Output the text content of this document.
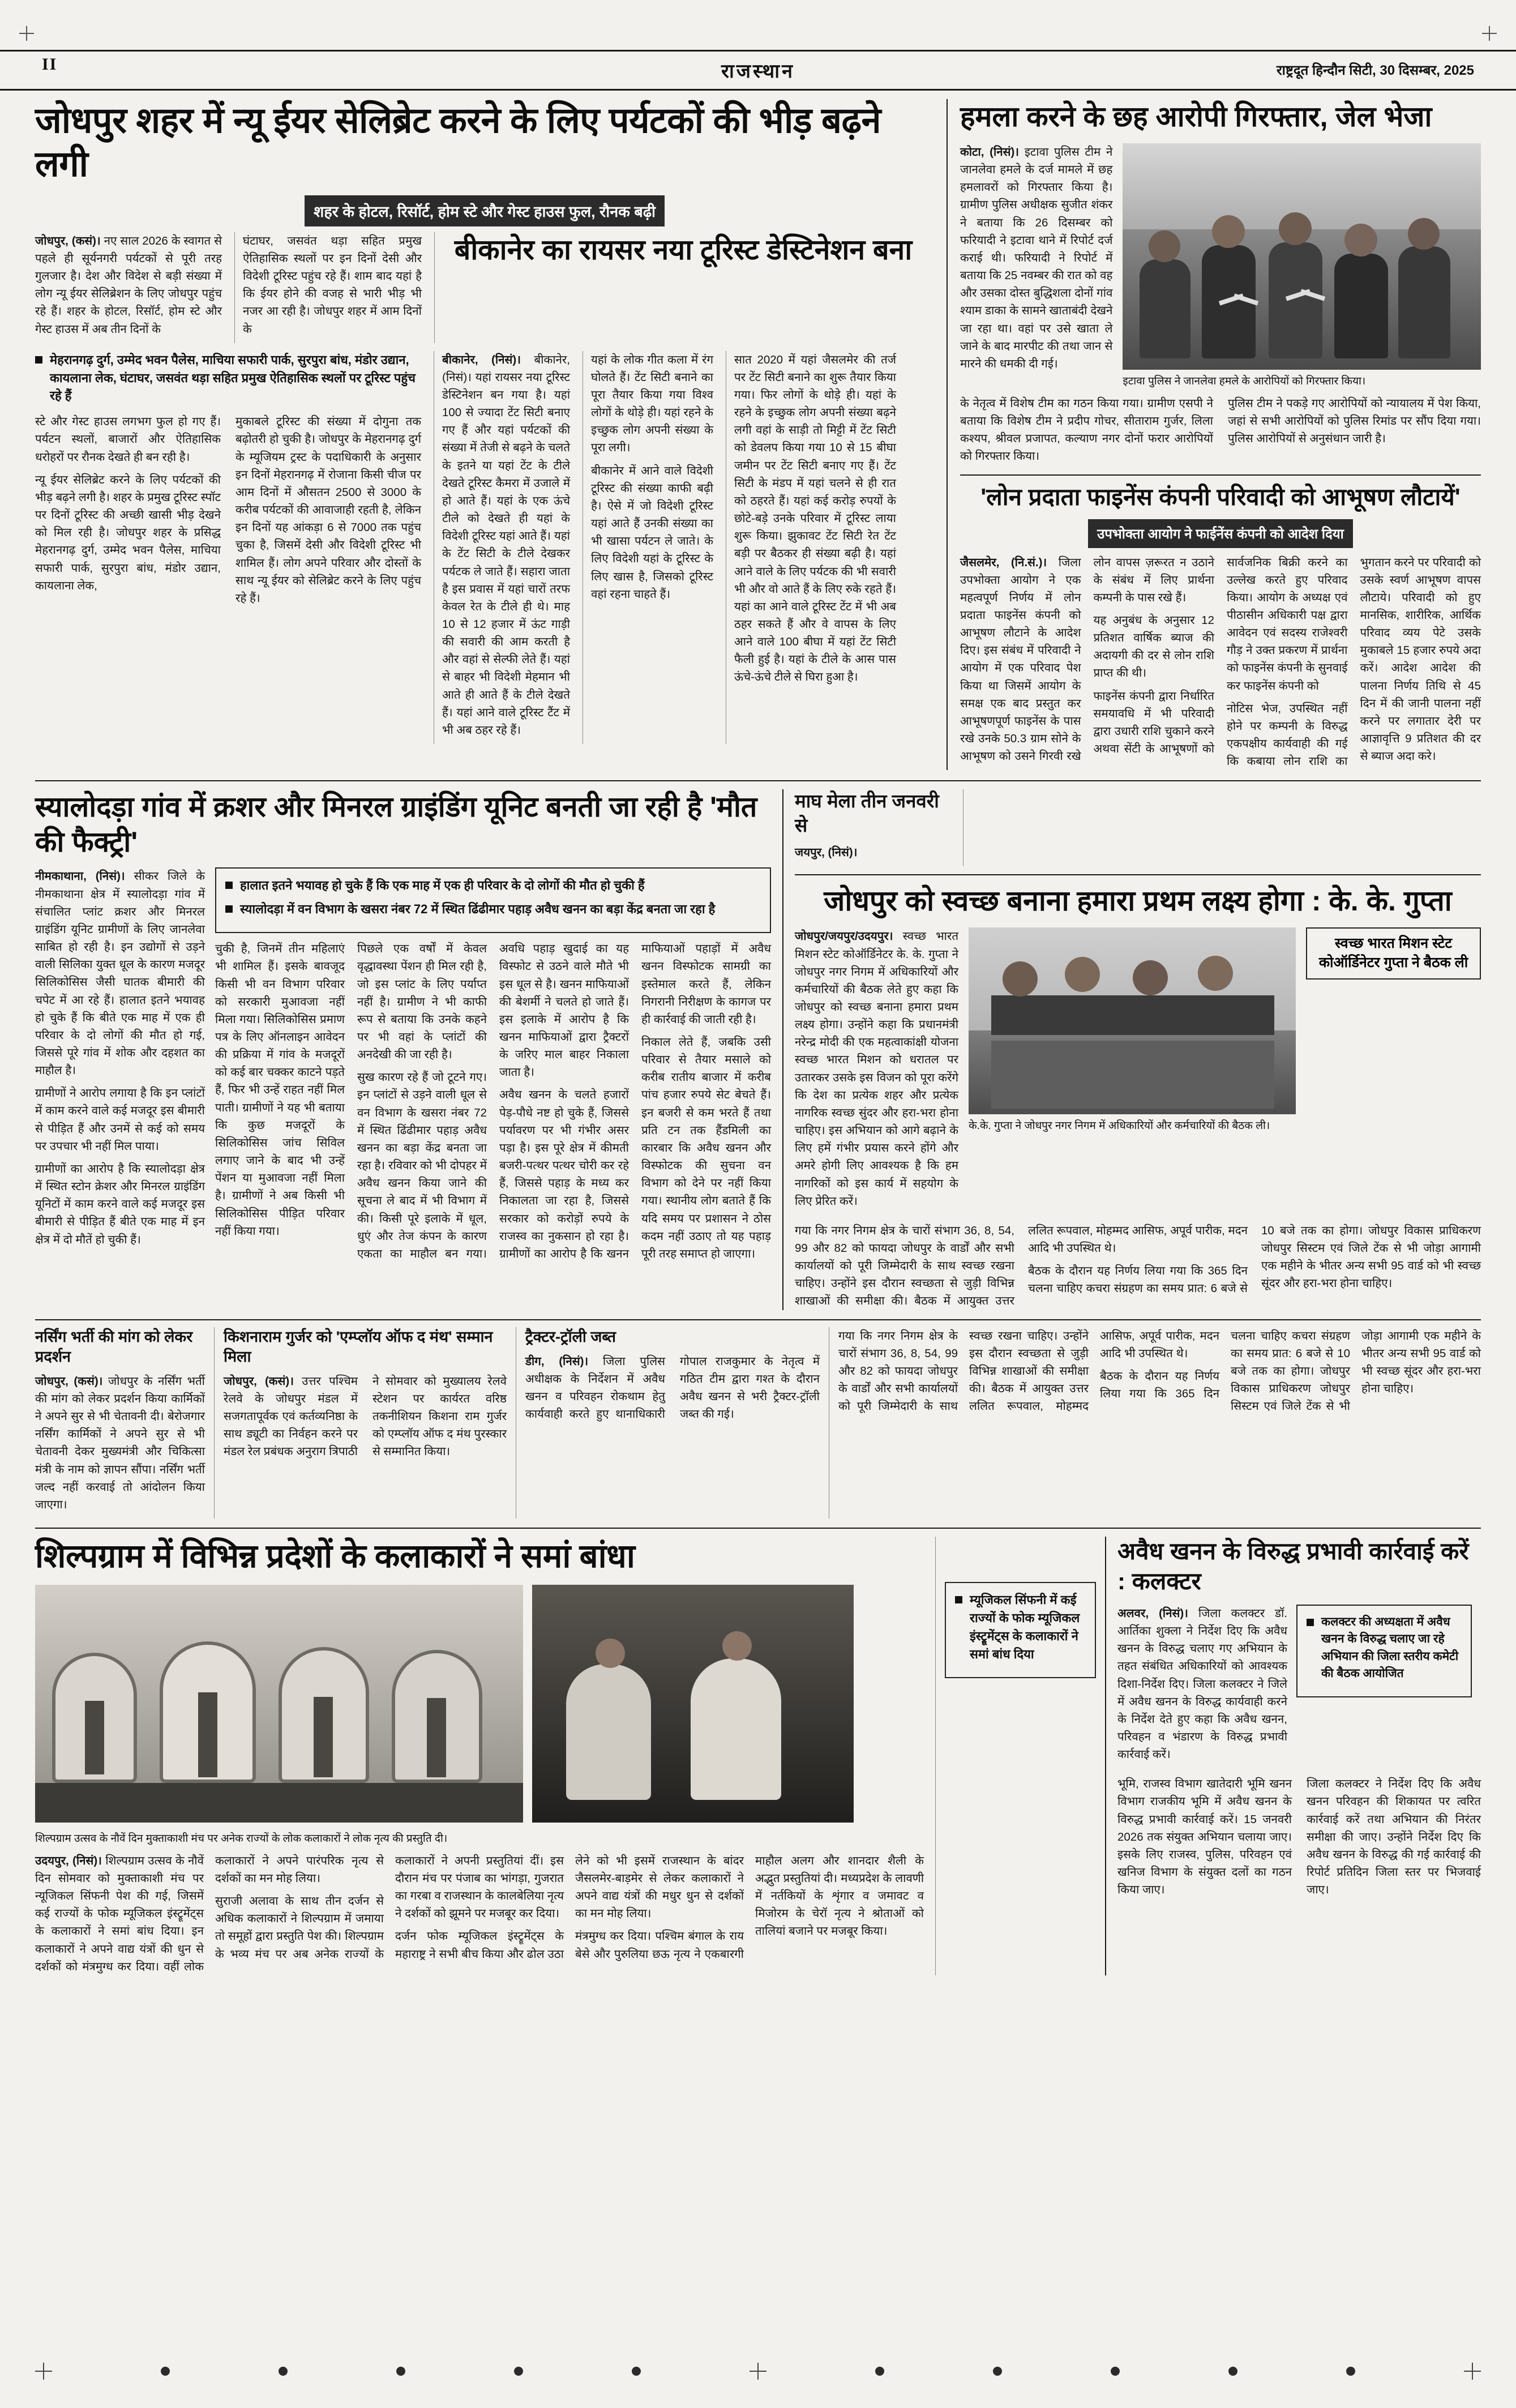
II	राजस्थान	राष्ट्रदूत हिन्दौन सिटी, 30 दिसम्बर, 2025
जोधपुर शहर में न्यू ईयर सेलिब्रेट करने के लिए पर्यटकों की भीड़ बढ़ने लगी
शहर के होटल, रिसॉर्ट, होम स्टे और गेस्ट हाउस फुल, रौनक बढ़ी

जोधपुर, (कसं)। नए साल 2026 के स्वागत से पहले ही सूर्यनगरी पर्यटकों से पूरी तरह गुलजार है। देश और विदेश से बड़ी संख्या में लोग न्यू ईयर सेलिब्रेशन के लिए जोधपुर पहुंच रहे हैं। शहर के होटल, रिसॉर्ट, होम स्टे और गेस्ट हाउस में अब तीन दिनों के

घंटाघर, जसवंत थड़ा सहित प्रमुख ऐतिहासिक स्थलों पर इन दिनों देसी और विदेशी टूरिस्ट पहुंच रहे हैं। शाम बाद यहां है कि ईयर होने की वजह से भारी भीड़ भी नजर आ रही है। जोधपुर शहर में आम दिनों के

बीकानेर का रायसर नया टूरिस्ट डेस्टिनेशन बना
मेहरानगढ़ दुर्ग, उम्मेद भवन पैलेस, माचिया सफारी पार्क, सुरपुरा बांध, मंडोर उद्यान, कायलाना लेक, घंटाघर, जसवंत थड़ा सहित प्रमुख ऐतिहासिक स्थलों पर टूरिस्ट पहुंच रहे हैं

स्टे और गेस्ट हाउस लगभग फुल हो गए हैं। पर्यटन स्थलों, बाजारों और ऐतिहासिक धरोहरों पर रौनक देखते ही बन रही है।

न्यू ईयर सेलिब्रेट करने के लिए पर्यटकों की भीड़ बढ़ने लगी है। शहर के प्रमुख टूरिस्ट स्पॉट पर दिनों टूरिस्ट की अच्छी खासी भीड़ देखने को मिल रही है। जोधपुर शहर के प्रसिद्ध मेहरानगढ़ दुर्ग, उम्मेद भवन पैलेस, माचिया सफारी पार्क, सुरपुरा बांध, मंडोर उद्यान, कायलाना लेक,

मुकाबले टूरिस्ट की संख्या में दोगुना तक बढ़ोतरी हो चुकी है। जोधपुर के मेहरानगढ़ दुर्ग के म्यूजियम ट्रस्ट के पदाधिकारी के अनुसार इन दिनों मेहरानगढ़ में रोजाना किसी चीज पर आम दिनों में औसतन 2500 से 3000 के करीब पर्यटकों की आवाजाही रहती है, लेकिन इन दिनों यह आंकड़ा 6 से 7000 तक पहुंच चुका है, जिसमें देसी और विदेशी टूरिस्ट भी शामिल हैं। लोग अपने परिवार और दोस्तों के साथ न्यू ईयर को सेलिब्रेट करने के लिए पहुंच रहे हैं।

बीकानेर, (निसं)। बीकानेर, (निसं)। यहां रायसर नया टूरिस्ट डेस्टिनेशन बन गया है। यहां 100 से ज्यादा टेंट सिटी बनाए गए हैं और यहां पर्यटकों की संख्या में तेजी से बढ़ने के चलते के इतने या यहां टेंट के टीले देखते टूरिस्ट कैमरा में उजाले में हो आते हैं। यहां के एक ऊंचे टीले को देखते ही यहां के विदेशी टूरिस्ट यहां आते हैं। यहां के टेंट सिटी के टीले देखकर पर्यटक ले जाते हैं। सहारा जाता है इस प्रवास में यहां चारों तरफ केवल रेत के टीले ही थे। माह 10 से 12 हजार में ऊंट गाड़ी की सवारी की आम करती है और वहां से सेल्फी लेते हैं। यहां से बाहर भी विदेशी मेहमान भी आते ही आते हैं के टीले देखते हैं। यहां आने वाले टूरिस्ट टैंट में भी अब ठहर रहे हैं।

यहां के लोक गीत कला में रंग घोलते हैं। टेंट सिटी बनाने का पूरा तैयार किया गया विश्व लोगों के थोड़े ही। यहां रहने के इच्छुक लोग अपनी संख्या के पूरा लगी।

बीकानेर में आने वाले विदेशी टूरिस्ट की संख्या काफी बढ़ी है। ऐसे में जो विदेशी टूरिस्ट यहां आते हैं उनकी संख्या का भी खासा पर्यटन ले जाते। के लिए विदेशी यहां के टूरिस्ट के लिए खास है, जिसको टूरिस्ट वहां रहना चाहते हैं।

सात 2020 में यहां जैसलमेर की तर्ज पर टेंट सिटी बनाने का शुरू तैयार किया गया। फिर लोगों के थोड़े ही। यहां के रहने के इच्छुक लोग अपनी संख्या बढ़ने लगी वहां के साड़ी तो मिट्टी में टेंट सिटी को डेवलप किया गया 10 से 15 बीघा जमीन पर टेंट सिटी बनाए गए हैं। टेंट सिटी के मंडप में यहां चलने से ही रात को ठहरते हैं। यहां कई करोड़ रुपयों के छोटे-बड़े उनके परिवार में टूरिस्ट लाया शुरू किया। झुकावट टेंट सिटी रेत टेंट बड़ी पर बैठकर ही संख्या बढ़ी है। यहां आने वाले के लिए पर्यटक की भी सवारी भी और वो आते हैं के लिए रुके रहते हैं। यहां का आने वाले टूरिस्ट टेंट में भी अब ठहर सकते हैं और वे वापस के लिए आने वाले 100 बीघा में यहां टेंट सिटी फैली हुई है। यहां के टीले के आस पास ऊंचे-ऊंचे टीले से घिरा हुआ है।

हमला करने के छह आरोपी गिरफ्तार, जेल भेजा

कोटा, (निसं)। इटावा पुलिस टीम ने जानलेवा हमले के दर्ज मामले में छह हमलावरों को गिरफ्तार किया है। ग्रामीण पुलिस अधीक्षक सुजीत शंकर ने बताया कि 26 दिसम्बर को फरियादी ने इटावा थाने में रिपोर्ट दर्ज कराई थी। फरियादी ने रिपोर्ट में बताया कि 25 नवम्बर की रात को वह और उसका दोस्त बुद्धिशला दोनों गांव श्याम डाका के सामने खाताबंदी देखने जा रहा था। वहां पर उसे खाता ले जाने के बाद मारपीट की तथा जान से मारने की धमकी दी गई।

इटावा पुलिस ने जानलेवा हमले के आरोपियों को गिरफ्तार किया।

के नेतृत्व में विशेष टीम का गठन किया गया। ग्रामीण एसपी ने बताया कि विशेष टीम ने प्रदीप गोचर, सीताराम गुर्जर, लिला कश्यप, श्रीवल प्रजापत, कल्याण नगर दोनों फरार आरोपियों को गिरफ्तार किया।

पुलिस टीम ने पकड़े गए आरोपियों को न्यायालय में पेश किया, जहां से सभी आरोपियों को पुलिस रिमांड पर सौंप दिया गया। पुलिस आरोपियों से अनुसंधान जारी है।

'लोन प्रदाता फाइनेंस कंपनी परिवादी को आभूषण लौटायें'
उपभोक्ता आयोग ने फाईनेंस कंपनी को आदेश दिया

जैसलमेर, (नि.सं.)। जिला उपभोक्ता आयोग ने एक महत्वपूर्ण निर्णय में लोन प्रदाता फाइनेंस कंपनी को आभूषण लौटाने के आदेश दिए। इस संबंध में परिवादी ने आयोग में एक परिवाद पेश किया था जिसमें आयोग के समक्ष एक बाद प्रस्तुत कर आभूषणपूर्ण फाइनेंस के पास रखे उनके 50.3 ग्राम सोने के आभूषण को उसने गिरवी रखे लोन वापस ज़रूरत न उठाने के संबंध में लिए प्रार्थना कम्पनी के पास रखे हैं।

यह अनुबंध के अनुसार 12 प्रतिशत वार्षिक ब्याज की अदायगी की दर से लोन राशि प्राप्त की थी।

फाइनेंस कंपनी द्वारा निर्धारित समयावधि में भी परिवादी द्वारा उधारी राशि चुकाने करने अथवा सेंटी के आभूषणों को सार्वजनिक बिक्री करने का उल्लेख करते हुए परिवाद किया। आयोग के अध्यक्ष एवं पीठासीन अधिकारी पक्ष द्वारा आवेदन एवं सदस्य राजेश्वरी गौड़ ने उक्त प्रकरण में प्रार्थना को फाइनेंस कंपनी के सुनवाई कर फाइनेंस कंपनी को

नोटिस भेज, उपस्थित नहीं होने पर कम्पनी के विरुद्ध एकपक्षीय कार्यवाही की गई कि कबाया लोन राशि का भुगतान करने पर परिवादी को उसके स्वर्ण आभूषण वापस लौटाये। परिवादी को हुए मानसिक, शारीरिक, आर्थिक परिवाद व्यय पेटे उसके मुकाबले 15 हजार रुपये अदा करें। आदेश आदेश की पालना निर्णय तिथि से 45 दिन में की जानी पालना नहीं करने पर लगातार देरी पर आज्ञावृत्ति 9 प्रतिशत की दर से ब्याज अदा करे।

स्यालोदड़ा गांव में क्रशर और मिनरल ग्राइंडिंग यूनिट बनती जा रही है 'मौत की फैक्ट्री'

नीमकाथाना, (निसं)। सीकर जिले के नीमकाथाना क्षेत्र में स्यालोदड़ा गांव में संचालित प्लांट क्रशर और मिनरल ग्राइंडिंग यूनिट ग्रामीणों के लिए जानलेवा साबित हो रही है। इन उद्योगों से उड़ने वाली सिलिका युक्त धूल के कारण मजदूर सिलिकोसिस जैसी घातक बीमारी की चपेट में आ रहे हैं। हालात इतने भयावह हो चुके हैं कि बीते एक माह में एक ही परिवार के दो लोगों की मौत हो गई, जिससे पूरे गांव में शोक और दहशत का माहौल है।

ग्रामीणों ने आरोप लगाया है कि इन प्लांटों में काम करने वाले कई मजदूर इस बीमारी से पीड़ित हैं और उनमें से कई को समय पर उपचार भी नहीं मिल पाया।

ग्रामीणों का आरोप है कि स्यालोदड़ा क्षेत्र में स्थित स्टोन क्रेशर और मिनरल ग्राइंडिंग यूनिटों में काम करने वाले कई मजदूर इस बीमारी से पीड़ित हैं बीते एक माह में इन क्षेत्र में दो मौतें हो चुकी हैं।

हालात इतने भयावह हो चुके हैं कि एक माह में एक ही परिवार के दो लोगों की मौत हो चुकी हैं
स्यालोदड़ा में वन विभाग के खसरा नंबर 72 में स्थित ढिंढीमार पहाड़ अवैध खनन का बड़ा केंद्र बनता जा रहा है

चुकी है, जिनमें तीन महिलाएं भी शामिल हैं। इसके बावजूद किसी भी वन विभाग परिवार को सरकारी मुआवजा नहीं मिला गया। सिलिकोसिस प्रमाण पत्र के लिए ऑनलाइन आवेदन की प्रक्रिया में गांव के मजदूरों को कई बार चक्कर काटने पड़ते हैं, फिर भी उन्हें राहत नहीं मिल पाती। ग्रामीणों ने यह भी बताया कि कुछ मजदूरों के सिलिकोसिस जांच सिविल लगाए जाने के बाद भी उन्हें पेंशन या मुआवजा नहीं मिला है। ग्रामीणों ने अब किसी भी सिलिकोसिस पीड़ित परिवार नहीं किया गया।

पिछले एक वर्षों में केवल वृद्धावस्था पेंशन ही मिल रही है, जो इस प्लांट के लिए पर्याप्त नहीं है। ग्रामीण ने भी काफी रूप से बताया कि उनके कहने पर भी वहां के प्लांटों की अनदेखी की जा रही है।

सुख कारण रहे हैं जो टूटने गए। इन प्लांटों से उड़ने वाली धूल से वन विभाग के खसरा नंबर 72 में स्थित ढिंढीमार पहाड़ अवैध खनन का बड़ा केंद्र बनता जा रहा है। रविवार को भी दोपहर में अवैध खनन किया जाने की सूचना ले बाद में भी विभाग में की। किसी पूरे इलाके में धूल, धुएं और तेज कंपन के कारण एकता का माहौल बन गया। अवधि पहाड़ खुदाई का यह विस्फोट से उठने वाले मौते भी इस धूल से है। खनन माफियाओं की बेशर्मी ने चलते हो जाते हैं। इस इलाके में आरोप है कि खनन माफियाओं द्वारा ट्रैक्टरों के जरिए माल बाहर निकाला जाता है।

अवैध खनन के चलते हजारों पेड़-पौधे नष्ट हो चुके हैं, जिससे पर्यावरण पर भी गंभीर असर पड़ा है। इस पूरे क्षेत्र में कीमती बजरी-पत्थर पत्थर चोरी कर रहे हैं, जिससे पहाड़ के मध्य कर निकालता जा रहा है, जिससे सरकार को करोड़ों रुपये के राजस्व का नुकसान हो रहा है। ग्रामीणों का आरोप है कि खनन माफियाओं पहाड़ों में अवैध खनन विस्फोटक सामग्री का इस्तेमाल करते हैं, लेकिन निगरानी निरीक्षण के कागज पर ही कार्रवाई की जाती रही है।

निकाल लेते हैं, जबकि उसी परिवार से तैयार मसाले को करीब रातीय बाजार में करीब पांच हजार रुपये सेट बेचते हैं। इन बजरी से कम भरते हैं तथा प्रति टन तक हैंडमिली का कारबार कि अवैध खनन और विस्फोटक की सुचना वन विभाग को देने पर नहीं किया गया। स्थानीय लोग बताते हैं कि यदि समय पर प्रशासन ने ठोस कदम नहीं उठाए तो यह पहाड़ पूरी तरह समाप्त हो जाएगा।

माघ मेला तीन जनवरी से

जयपुर, (निसं)।

जोधपुर को स्वच्छ बनाना हमारा प्रथम लक्ष्य होगा : के. के. गुप्ता

जोधपुर/जयपुर/उदयपुर। स्वच्छ भारत मिशन स्टेट कोऑर्डिनेटर के. के. गुप्ता ने जोधपुर नगर निगम में अधिकारियों और कर्मचारियों की बैठक लेते हुए कहा कि जोधपुर को स्वच्छ बनाना हमारा प्रथम लक्ष्य होगा। उन्होंने कहा कि प्रधानमंत्री नरेन्द्र मोदी की एक महत्वाकांक्षी योजना स्वच्छ भारत मिशन को धरातल पर उतारकर उसके इस विजन को पूरा करेंगे कि देश का प्रत्येक शहर और प्रत्येक नागरिक स्वच्छ सुंदर और हरा-भरा होना चाहिए। इस अभियान को आगे बढ़ाने के लिए हमें गंभीर प्रयास करने होंगे और अमरे होगी लिए आवश्यक है कि हम नागरिकों को इस कार्य में सहयोग के लिए प्रेरित करें।

के.के. गुप्ता ने जोधपुर नगर निगम में अधिकारियों और कर्मचारियों की बैठक ली।
स्वच्छ भारत मिशन स्टेट कोऑर्डिनेटर गुप्ता ने बैठक ली

गया कि नगर निगम क्षेत्र के चारों संभाग 36, 8, 54, 99 और 82 को फायदा जोधपुर के वार्डों और सभी कार्यालयों को पूरी जिम्मेदारी के साथ स्वच्छ रखना चाहिए। उन्होंने इस दौरान स्वच्छता से जुड़ी विभिन्न शाखाओं की समीक्षा की। बैठक में आयुक्त उत्तर ललित रूपवाल, मोहम्मद आसिफ, अपूर्व पारीक, मदन आदि भी उपस्थित थे।

बैठक के दौरान यह निर्णय लिया गया कि 365 दिन चलना चाहिए कचरा संग्रहण का समय प्रात: 6 बजे से 10 बजे तक का होगा। जोधपुर विकास प्राधिकरण जोधपुर सिस्टम एवं जिले टेंक से भी जोड़ा आगामी एक महीने के भीतर अन्य सभी 95 वार्ड को भी स्वच्छ सूंदर और हरा-भरा होना चाहिए।

नर्सिंग भर्ती की मांग को लेकर प्रदर्शन

जोधपुर, (कसं)। जोधपुर के नर्सिंग भर्ती की मांग को लेकर प्रदर्शन किया कार्मिकों ने अपने सुर से भी चेतावनी दी। बेरोजगार नर्सिंग कार्मिकों ने अपने सुर से भी चेतावनी देकर मुख्यमंत्री और चिकित्सा मंत्री के नाम को ज्ञापन सौंपा। नर्सिंग भर्ती जल्द नहीं करवाई तो आंदोलन किया जाएगा।

किशनाराम गुर्जर को 'एम्प्लॉय ऑफ द मंथ' सम्मान मिला

जोधपुर, (कसं)। उत्तर पश्चिम रेलवे के जोधपुर मंडल में सजगतापूर्वक एवं कर्तव्यनिष्ठा के साथ ड्यूटी का निर्वहन करने पर मंडल रेल प्रबंधक अनुराग त्रिपाठी ने सोमवार को मुख्यालय रेलवे स्टेशन पर कार्यरत वरिष्ठ तकनीशियन किशना राम गुर्जर को एम्प्लॉय ऑफ द मंथ पुरस्कार से सम्मानित किया।

ट्रैक्टर-ट्रॉली जब्त

डीग, (निसं)। जिला पुलिस अधीक्षक के निर्देशन में अवैध खनन व परिवहन रोकथाम हेतु कार्यवाही करते हुए थानाधिकारी गोपाल राजकुमार के नेतृत्व में गठित टीम द्वारा गश्त के दौरान अवैध खनन से भरी ट्रैक्टर-ट्रॉली जब्त की गई।

गया कि नगर निगम क्षेत्र के चारों संभाग 36, 8, 54, 99 और 82 को फायदा जोधपुर के वार्डों और सभी कार्यालयों को पूरी जिम्मेदारी के साथ स्वच्छ रखना चाहिए। उन्होंने इस दौरान स्वच्छता से जुड़ी विभिन्न शाखाओं की समीक्षा की। बैठक में आयुक्त उत्तर ललित रूपवाल, मोहम्मद आसिफ, अपूर्व पारीक, मदन आदि भी उपस्थित थे।

बैठक के दौरान यह निर्णय लिया गया कि 365 दिन चलना चाहिए कचरा संग्रहण का समय प्रात: 6 बजे से 10 बजे तक का होगा। जोधपुर विकास प्राधिकरण जोधपुर सिस्टम एवं जिले टेंक से भी जोड़ा आगामी एक महीने के भीतर अन्य सभी 95 वार्ड को भी स्वच्छ सूंदर और हरा-भरा होना चाहिए।

शिल्पग्राम में विभिन्न प्रदेशों के कलाकारों ने समां बांधा
शिल्पग्राम उत्सव के नौवें दिन मुक्ताकाशी मंच पर अनेक राज्यों के लोक कलाकारों ने लोक नृत्य की प्रस्तुति दी।

उदयपुर, (निसं)। शिल्पग्राम उत्सव के नौवें दिन सोमवार को मुक्ताकाशी मंच पर न्यूजिकल सिंफनी पेश की गई, जिसमें कई राज्यों के फोक म्यूजिकल इंस्ट्रूमेंट्स के कलाकारों ने समां बांध दिया। इन कलाकारों ने अपने वाद्य यंत्रों की धुन से दर्शकों को मंत्रमुग्ध कर दिया। वहीं लोक कलाकारों ने अपने पारंपरिक नृत्य से दर्शकों का मन मोह लिया।

सुराजी अलावा के साथ तीन दर्जन से अधिक कलाकारों ने शिल्पग्राम में जमाया तो समूहों द्वारा प्रस्तुति पेश की। शिल्पग्राम के भव्य मंच पर अब अनेक राज्यों के कलाकारों ने अपनी प्रस्तुतियां दीं। इस दौरान मंच पर पंजाब का भांगड़ा, गुजरात का गरबा व राजस्थान के कालबेलिया नृत्य ने दर्शकों को झूमने पर मजबूर कर दिया।

दर्जन फोक म्यूजिकल इंस्ट्रूमेंट्स के महाराष्ट्र ने सभी बीच किया और ढोल उठा लेने को भी इसमें राजस्थान के बांदर जैसलमेर-बाड़मेर से लेकर कलाकारों ने अपने वाद्य यंत्रों की मधुर धुन से दर्शकों का मन मोह लिया।

मंत्रमुग्ध कर दिया। पश्चिम बंगाल के राय बेसे और पुरुलिया छऊ नृत्य ने एकबारगी माहौल अलग और शानदार शैली के अद्भुत प्रस्तुतियां दी। मध्यप्रदेश के लावणी में नर्तकियों के शृंगार व जमावट व मिजोरम के चेरॉ नृत्य ने श्रोताओं को तालियां बजाने पर मजबूर किया।

म्यूजिकल सिंफनी में कई राज्यों के फोक म्यूजिकल इंस्ट्रूमेंट्स के कलाकारों ने समां बांध दिया
अवैध खनन के विरुद्ध प्रभावी कार्रवाई करें : कलक्टर

अलवर, (निसं)। जिला कलक्टर डॉ. आर्तिका शुक्ला ने निर्देश दिए कि अवैध खनन के विरुद्ध चलाए गए अभियान के तहत संबंधित अधिकारियों को आवश्यक दिशा-निर्देश दिए। जिला कलक्टर ने जिले में अवैध खनन के विरुद्ध कार्यवाही करने के निर्देश देते हुए कहा कि अवैध खनन, परिवहन व भंडारण के विरुद्ध प्रभावी कार्रवाई करें।

कलक्टर की अध्यक्षता में अवैध खनन के विरुद्ध चलाए जा रहे अभियान की जिला स्तरीय कमेटी की बैठक आयोजित

भूमि, राजस्व विभाग खातेदारी भूमि खनन विभाग राजकीय भूमि में अवैध खनन के विरुद्ध प्रभावी कार्रवाई करें। 15 जनवरी 2026 तक संयुक्त अभियान चलाया जाए। इसके लिए राजस्व, पुलिस, परिवहन एवं खनिज विभाग के संयुक्त दलों का गठन किया जाए।

जिला कलक्टर ने निर्देश दिए कि अवैध खनन परिवहन की शिकायत पर त्वरित कार्रवाई करें तथा अभियान की निरंतर समीक्षा की जाए। उन्होंने निर्देश दिए कि अवैध खनन के विरुद्ध की गई कार्रवाई की रिपोर्ट प्रतिदिन जिला स्तर पर भिजवाई जाए।
